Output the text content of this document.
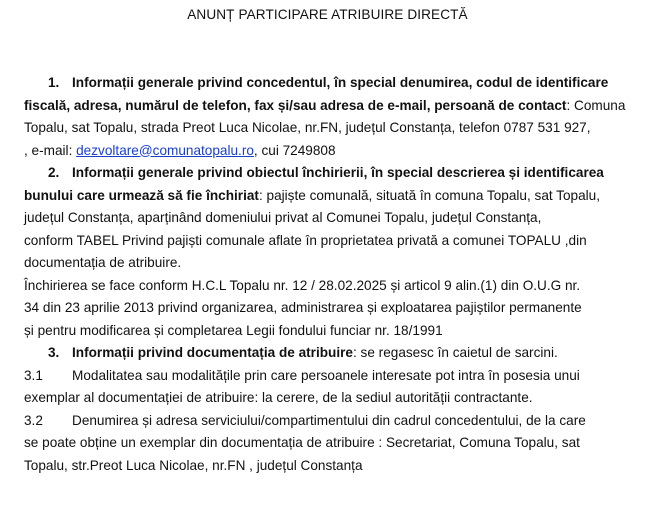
ANUNȚ PARTICIPARE ATRIBUIRE DIRECTĂ
1. Informații generale privind concedentul, în special denumirea, codul de identificare
fiscală, adresa, numărul de telefon, fax și/sau adresa de e-mail, persoană de contact: Comuna
Topalu, sat Topalu, strada Preot Luca Nicolae, nr.FN, județul Constanța, telefon 0787 531 927,
, e-mail: dezvoltare@comunatopalu.ro, cui 7249808
2. Informații generale privind obiectul închirierii, în special descrierea și identificarea
bunului care urmează să fie închiriat: pajiște comunală, situată în comuna Topalu, sat Topalu,
județul Constanța, aparținând domeniului privat al Comunei Topalu, județul Constanța,
conform TABEL Privind pajiști comunale aflate în proprietatea privată a comunei TOPALU ,din
documentația de atribuire.
Închirierea se face conform H.C.L Topalu nr. 12 / 28.02.2025 și articol 9 alin.(1) din O.U.G nr.
34 din 23 aprilie 2013 privind organizarea, administrarea și exploatarea pajiștilor permanente
și pentru modificarea și completarea Legii fondului funciar nr. 18/1991
3. Informații privind documentația de atribuire: se regasesc în caietul de sarcini.
3.1 Modalitatea sau modalitățile prin care persoanele interesate pot intra în posesia unui
exemplar al documentației de atribuire: la cerere, de la sediul autorității contractante.
3.2 Denumirea și adresa serviciului/compartimentului din cadrul concedentului, de la care
se poate obține un exemplar din documentația de atribuire : Secretariat, Comuna Topalu, sat
Topalu, str.Preot Luca Nicolae, nr.FN , județul Constanța
